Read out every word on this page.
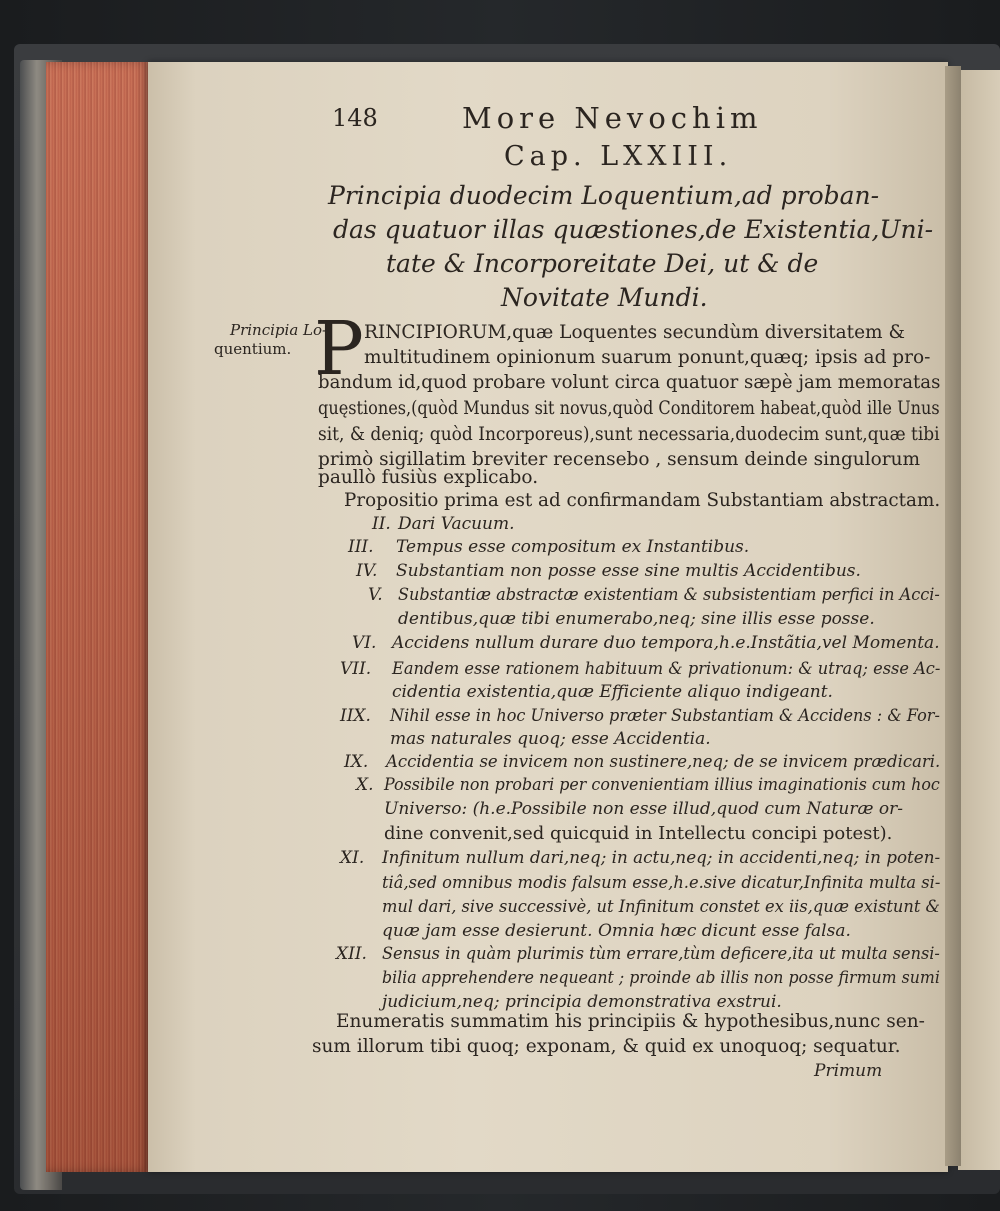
148	More Nevochim
Cap. LXXIII.
Principia duodecim Loquentium,ad proban-
das quatuor illas quæstiones,de Existentia,Uni-
tate & Incorporeitate Dei, ut & de
Novitate Mundi.
Principia Lo-
quentium. P RINCIPIORUM,quæ Loquentes secundùm diversitatem &
multitudinem opinionum suarum ponunt,quæq; ipsis ad pro-
bandum id,quod probare volunt circa quatuor sæpè jam memoratas
quęstiones,(quòd Mundus sit novus,quòd Conditorem habeat,quòd ille Unus
sit, & deniq; quòd Incorporeus),sunt necessaria,duodecim sunt,quæ tibi
primò sigillatim breviter recensebo , sensum deinde singulorum
paullò fusiùs explicabo.
Propositio prima est ad confirmandam Substantiam abstractam.
II. Dari Vacuum.
III. Tempus esse compositum ex Instantibus.
IV. Substantiam non posse esse sine multis Accidentibus.
V. Substantiæ abstractæ existentiam & subsistentiam perfici in Acci-
dentibus,quæ tibi enumerabo,neq; sine illis esse posse.
VI. Accidens nullum durare duo tempora,h.e.Instãtia,vel Momenta.
VII. Eandem esse rationem habituum & privationum: & utraq; esse Ac-
cidentia existentia,quæ Efficiente aliquo indigeant.
IIX. Nihil esse in hoc Universo præter Substantiam & Accidens : & For-
mas naturales quoq; esse Accidentia.
IX. Accidentia se invicem non sustinere,neq; de se invicem prædicari.
X. Possibile non probari per convenientiam illius imaginationis cum hoc
Universo: (h.e.Possibile non esse illud,quod cum Naturæ or-
dine convenit,sed quicquid in Intellectu concipi potest).
XI. Infinitum nullum dari,neq; in actu,neq; in accidenti,neq; in poten-
tiâ,sed omnibus modis falsum esse,h.e.sive dicatur,Infinita multa si-
mul dari, sive successivè, ut Infinitum constet ex iis,quæ existunt &
quæ jam esse desierunt. Omnia hæc dicunt esse falsa.
XII. Sensus in quàm plurimis tùm errare,tùm deficere,ita ut multa sensi-
bilia apprehendere nequeant ; proinde ab illis non posse firmum sumi
judicium,neq; principia demonstrativa exstrui.
Enumeratis summatim his principiis & hypothesibus,nunc sen-
sum illorum tibi quoq; exponam, & quid ex unoquoq; sequatur.
Primum
